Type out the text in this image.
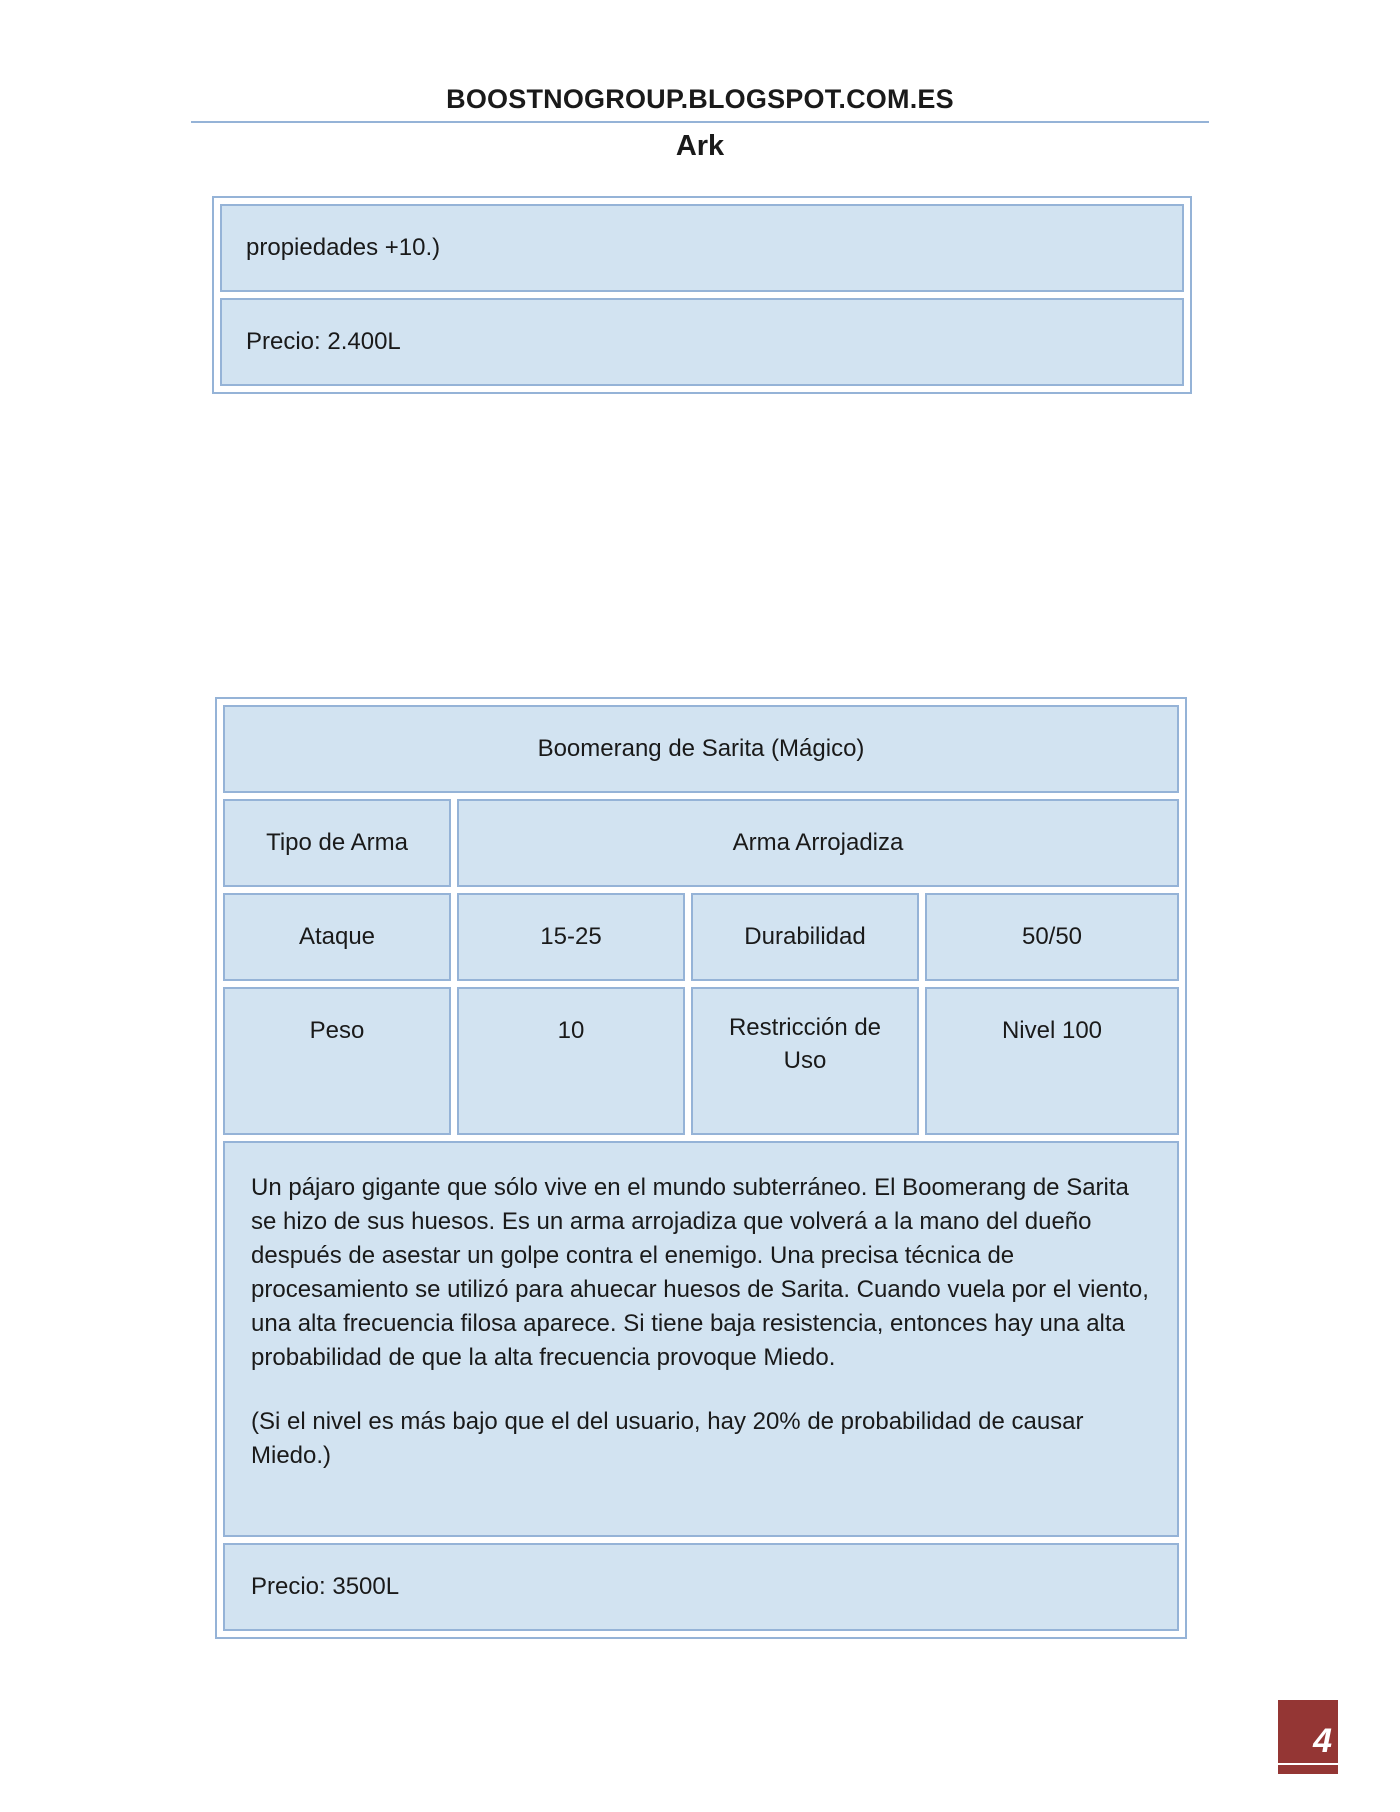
BOOSTNOGROUP.BLOGSPOT.COM.ES
Ark
propiedades +10.)
Precio: 2.400L
Boomerang de Sarita (Mágico)			
Tipo de Arma	Arma Arrojadiza		
Ataque	15-25	Durabilidad	50/50
Peso	10	Restricción de Uso	Nivel 100

Un pájaro gigante que sólo vive en el mundo subterráneo. El Boomerang de Sarita se hizo de sus huesos. Es un arma arrojadiza que volverá a la mano del dueño después de asestar un golpe contra el enemigo. Una precisa técnica de procesamiento se utilizó para ahuecar huesos de Sarita. Cuando vuela por el viento, una alta frecuencia filosa aparece. Si tiene baja resistencia, entonces hay una alta probabilidad de que la alta frecuencia provoque Miedo.

(Si el nivel es más bajo que el del usuario, hay 20% de probabilidad de causar Miedo.)			

Precio: 3500L			
4
